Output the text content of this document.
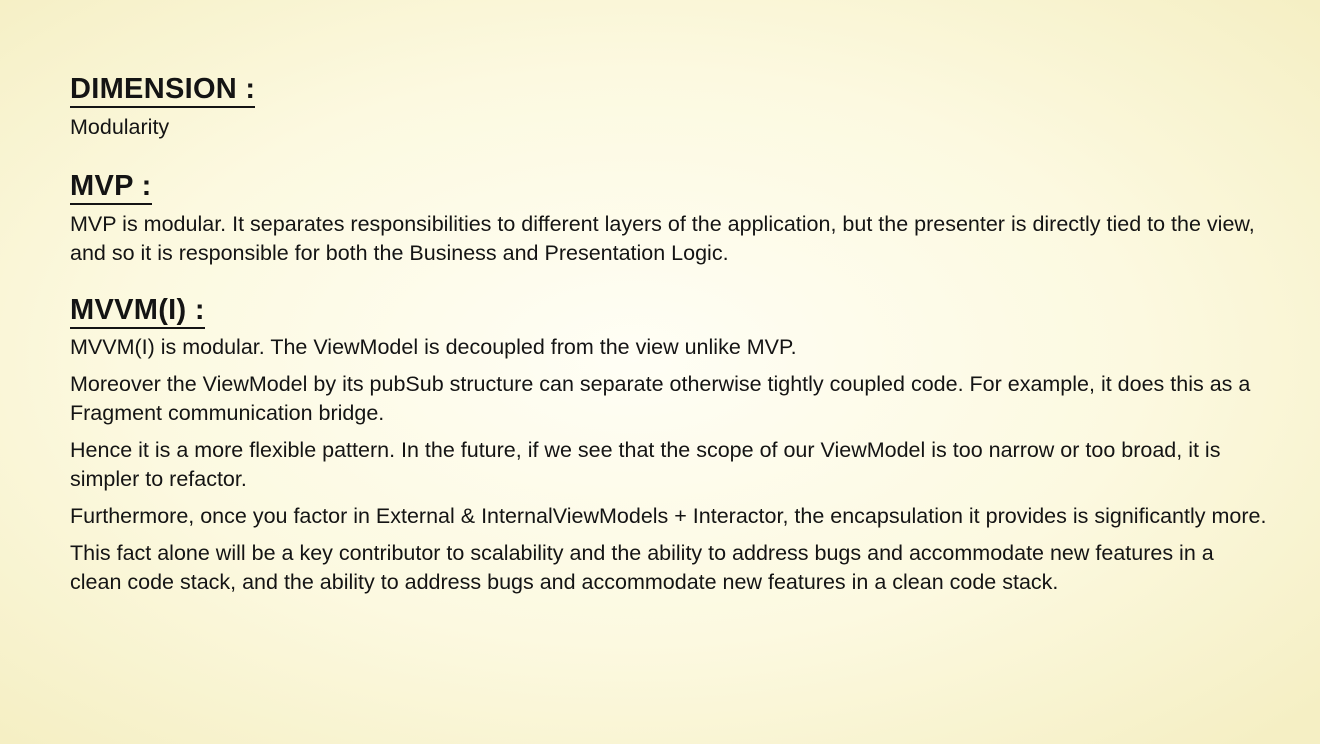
DIMENSION :

Modularity

MVP :

MVP is modular. It separates responsibilities to different layers of the application, but the presenter is directly tied to the view, and so it is responsible for both the Business and Presentation Logic.

MVVM(I) :

MVVM(I) is modular. The ViewModel is decoupled from the view unlike MVP.

Moreover the ViewModel by its pubSub structure can separate otherwise tightly coupled code. For example, it does this as a Fragment communication bridge.

Hence it is a more flexible pattern. In the future, if we see that the scope of our ViewModel is too narrow or too broad, it is simpler to refactor.

Furthermore, once you factor in External & InternalViewModels + Interactor, the encapsulation it provides is significantly more.

This fact alone will be a key contributor to scalability and the ability to address bugs and accommodate new features in a clean code stack, and the ability to address bugs and accommodate new features in a clean code stack.
